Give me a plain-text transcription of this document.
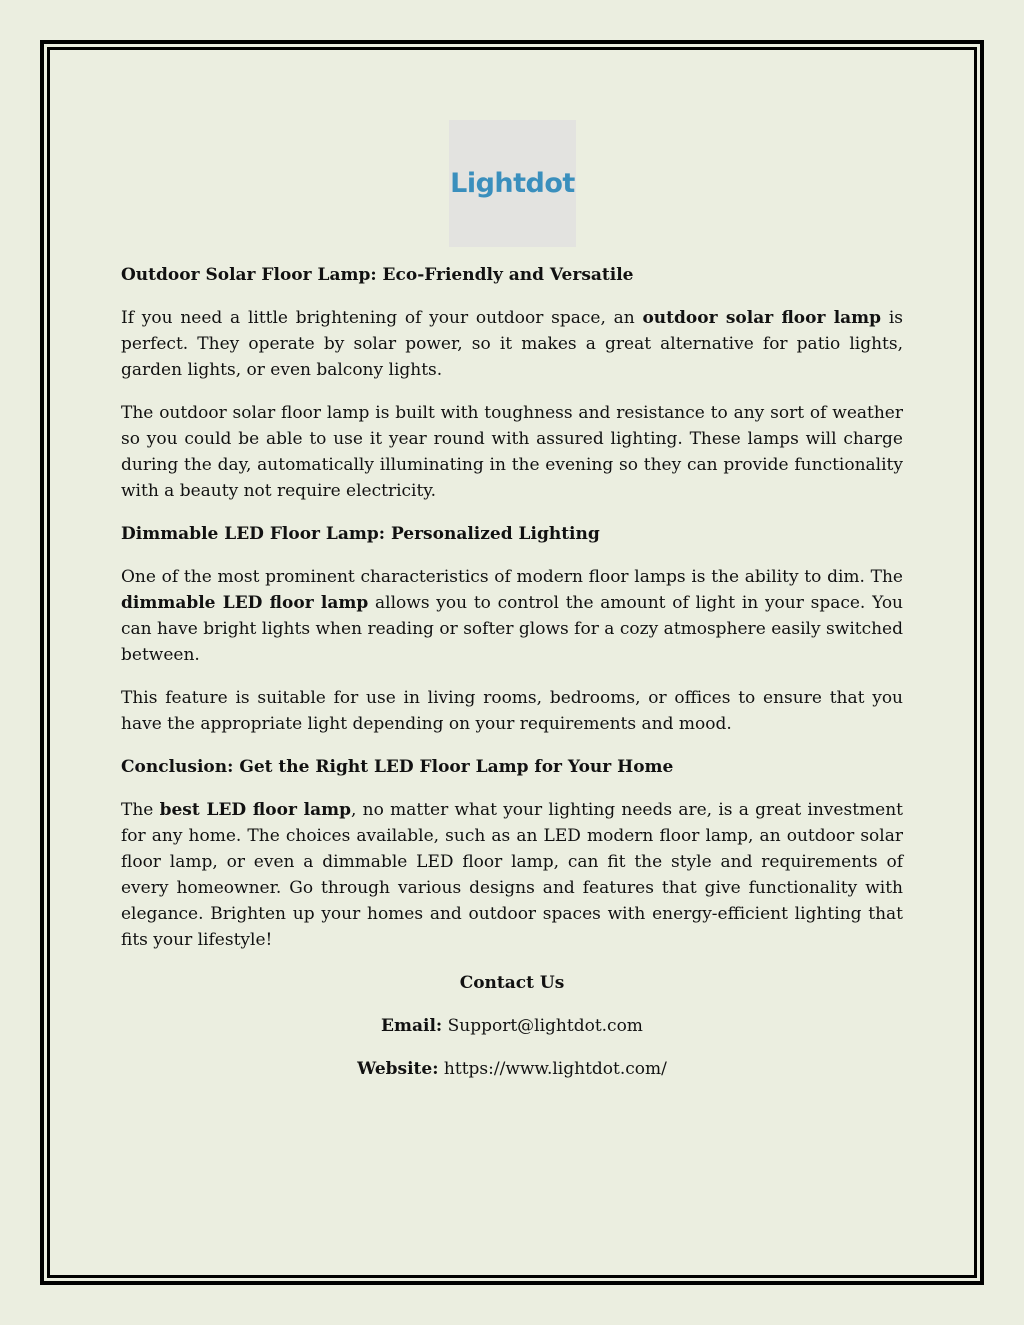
Lightdot
Outdoor Solar Floor Lamp: Eco-Friendly and Versatile

If you need a little brightening of your outdoor space, an outdoor solar floor lamp is perfect. They operate by solar power, so it makes a great alternative for patio lights, garden lights, or even balcony lights.

The outdoor solar floor lamp is built with toughness and resistance to any sort of weather so you could be able to use it year round with assured lighting. These lamps will charge during the day, automatically illuminating in the evening so they can provide functionality with a beauty not require electricity.

Dimmable LED Floor Lamp: Personalized Lighting

One of the most prominent characteristics of modern floor lamps is the ability to dim. The dimmable LED floor lamp allows you to control the amount of light in your space. You can have bright lights when reading or softer glows for a cozy atmosphere easily switched between.

This feature is suitable for use in living rooms, bedrooms, or offices to ensure that you have the appropriate light depending on your requirements and mood.

Conclusion: Get the Right LED Floor Lamp for Your Home

The best LED floor lamp, no matter what your lighting needs are, is a great investment for any home. The choices available, such as an LED modern floor lamp, an outdoor solar floor lamp, or even a dimmable LED floor lamp, can fit the style and requirements of every homeowner. Go through various designs and features that give functionality with elegance. Brighten up your homes and outdoor spaces with energy-efficient lighting that fits your lifestyle!

Contact Us

Email: Support@lightdot.com

Website: https://www.lightdot.com/
